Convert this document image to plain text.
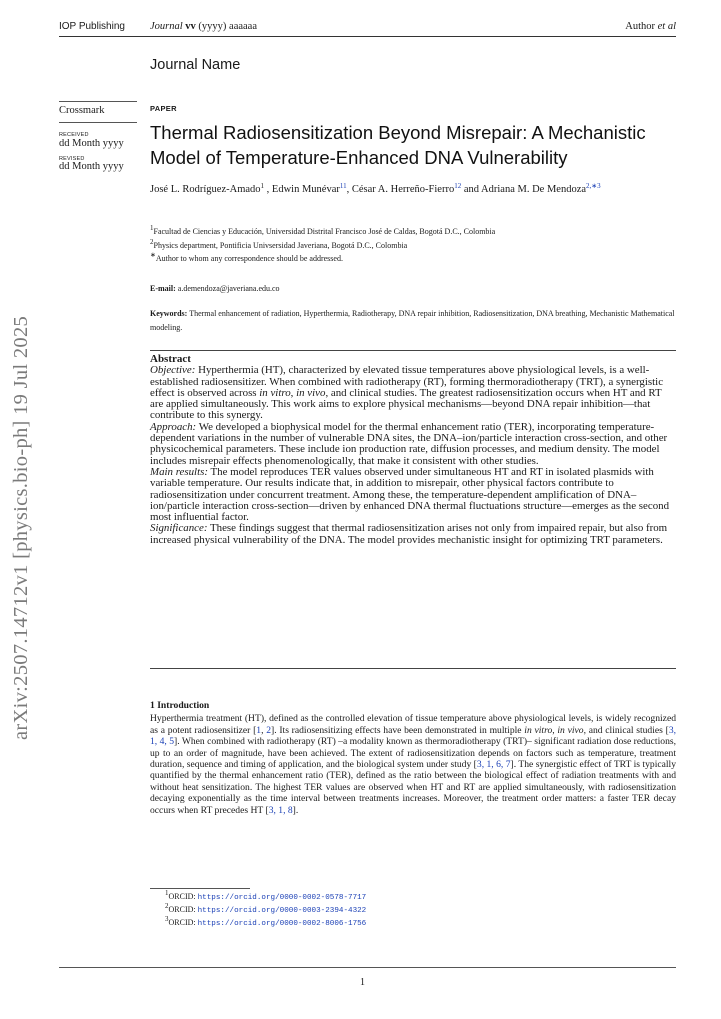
IOP Publishing Journal vv (yyyy) aaaaaa	Author et al
Journal Name
Crossmark
RECEIVED
dd Month yyyy
REVISED
dd Month yyyy
PAPER
Thermal Radiosensitization Beyond Misrepair: A Mechanistic Model of Temperature-Enhanced DNA Vulnerability
José L. Rodríguez-Amado$^1$ , Edwin Munévar$^{11}$, César A. Herreño-Fierro$^{12}$ and Adriana M. De Mendoza$^{2,∗3}$
$^1$Facultad de Ciencias y Educación, Universidad Distrital Francisco José de Caldas, Bogotá D.C., Colombia
$^2$Physics department, Pontificia Univsersidad Javeriana, Bogotá D.C., Colombia
∗Author to whom any correspondence should be addressed.
E-mail: a.demendoza@javeriana.edu.co
Keywords: Thermal enhancement of radiation, Hyperthermia, Radiotherapy, DNA repair inhibition, Radiosensitization, DNA breathing, Mechanistic Mathematical modeling.
Abstract

Objective: Hyperthermia (HT), characterized by elevated tissue temperatures above physiological levels, is a well-established radiosensitizer. When combined with radiotherapy (RT), forming thermoradiotherapy (TRT), a synergistic effect is observed across in vitro, in vivo, and clinical studies. The greatest radiosensitization occurs when HT and RT are applied simultaneously. This work aims to explore physical mechanisms—beyond DNA repair inhibition—that contribute to this synergy.

Approach: We developed a biophysical model for the thermal enhancement ratio (TER), incorporating temperature-dependent variations in the number of vulnerable DNA sites, the DNA–ion/particle interaction cross-section, and other physicochemical parameters. These include ion production rate, diffusion processes, and medium density. The model includes misrepair effects phenomenologically, that make it consistent with other studies.

Main results: The model reproduces TER values observed under simultaneous HT and RT in isolated plasmids with variable temperature. Our results indicate that, in addition to misrepair, other physical factors contribute to radiosensitization under concurrent treatment. Among these, the temperature-dependent amplification of DNA–ion/particle interaction cross-section—driven by enhanced DNA thermal fluctuations structure—emerges as the second most influential factor.

Significance: These findings suggest that thermal radiosensitization arises not only from impaired repair, but also from increased physical vulnerability of the DNA. The model provides mechanistic insight for optimizing TRT parameters.

1 Introduction
Hyperthermia treatment (HT), defined as the controlled elevation of tissue temperature above physiological levels, is widely recognized as a potent radiosensitizer [1, 2]. Its radiosensitizing effects have been demonstrated in multiple in vitro, in vivo, and clinical studies [3, 1, 4, 5]. When combined with radiotherapy (RT) –a modality known as thermoradiotherapy (TRT)– significant radiation dose reductions, up to an order of magnitude, have been achieved. The extent of radiosensitization depends on factors such as temperature, treatment duration, sequence and timing of application, and the biological system under study [3, 1, 6, 7]. The synergistic effect of TRT is typically quantified by the thermal enhancement ratio (TER), defined as the ratio between the biological effect of radiation treatments with and without heat sensitization. The highest TER values are observed when HT and RT are applied simultaneously, with radiosensitization decaying exponentially as the time interval between treatments increases. Moreover, the treatment order matters: a faster TER decay occurs when RT precedes HT [3, 1, 8].
$^1$ORCID: https://orcid.org/0000-0002-0578-7717
$^2$ORCID: https://orcid.org/0000-0003-2394-4322
$^3$ORCID: https://orcid.org/0000-0002-8006-1756
1
arXiv:2507.14712v1 [physics.bio-ph] 19 Jul 2025
